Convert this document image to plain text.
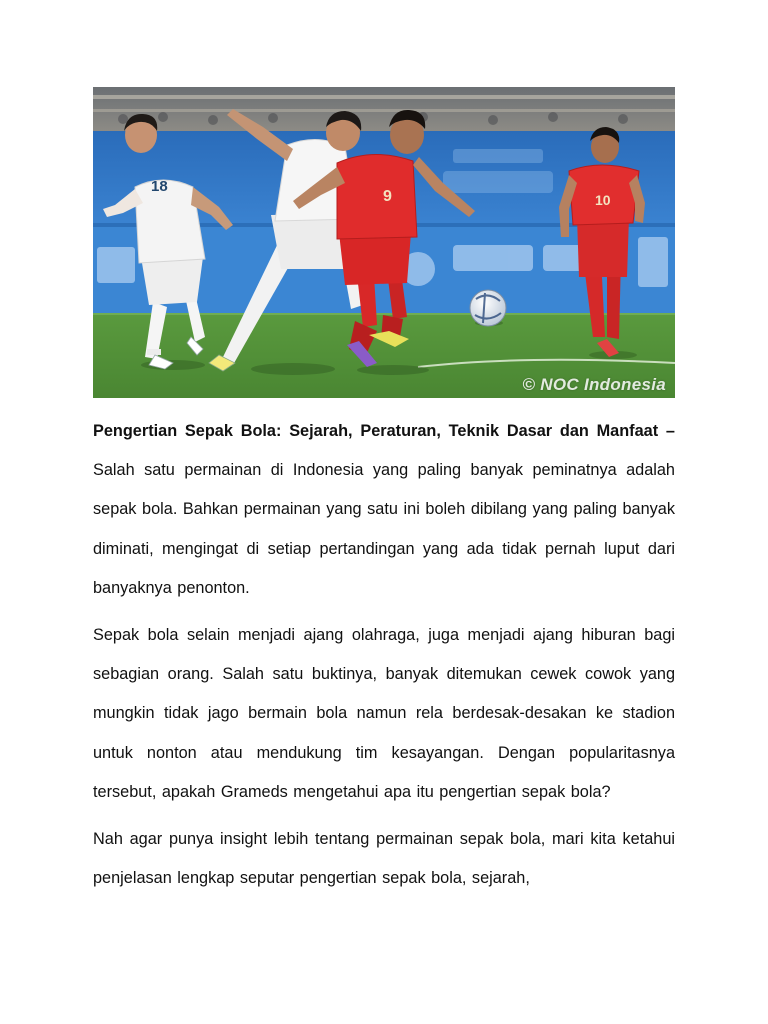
18
9	10
© NOC Indonesia

Pengertian Sepak Bola: Sejarah, Peraturan, Teknik Dasar dan Manfaat – Salah satu permainan di Indonesia yang paling banyak peminatnya adalah sepak bola. Bahkan permainan yang satu ini boleh dibilang yang paling banyak diminati, mengingat di setiap pertandingan yang ada tidak pernah luput dari banyaknya penonton.

Sepak bola selain menjadi ajang olahraga, juga menjadi ajang hiburan bagi sebagian orang. Salah satu buktinya, banyak ditemukan cewek cowok yang mungkin tidak jago bermain bola namun rela berdesak-desakan ke stadion untuk nonton atau mendukung tim kesayangan. Dengan popularitasnya tersebut, apakah Grameds mengetahui apa itu pengertian sepak bola?

Nah agar punya insight lebih tentang permainan sepak bola, mari kita ketahui penjelasan lengkap seputar pengertian sepak bola, sejarah,
